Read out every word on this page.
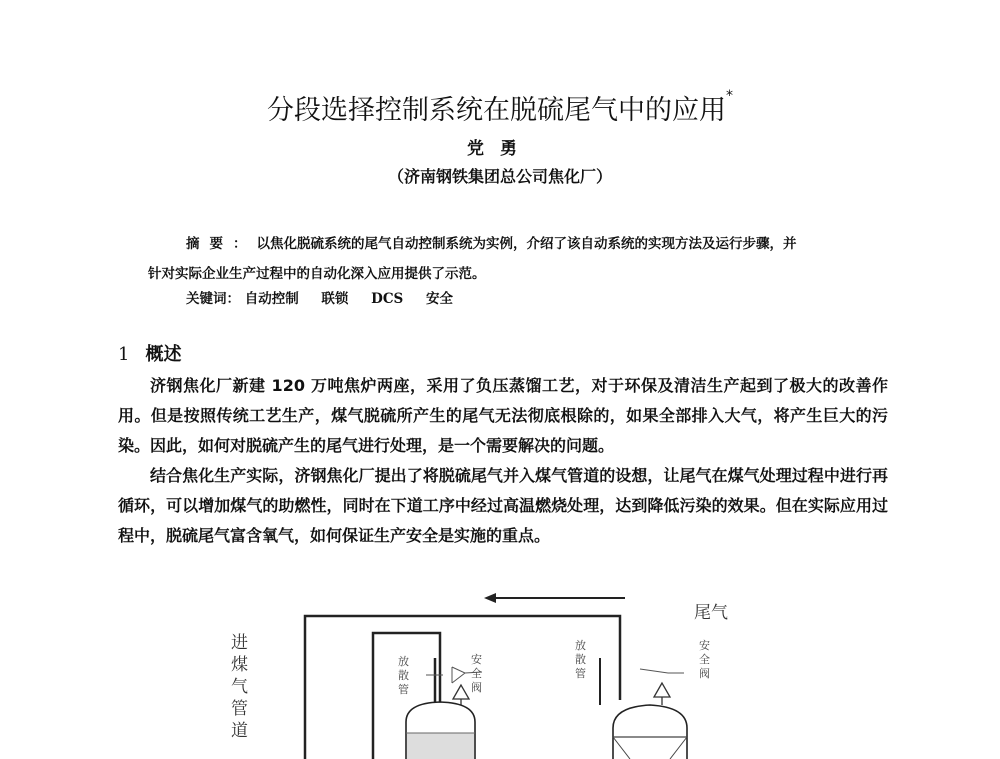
分段选择控制系统在脱硫尾气中的应用*
党勇
（济南钢铁集团总公司焦化厂）
摘要：以焦化脱硫系统的尾气自动控制系统为实例，介绍了该自动系统的实现方法及运行步骤，并
针对实际企业生产过程中的自动化深入应用提供了示范。
关键词： 自动控制 联锁 DCS 安全
1 概述
济钢焦化厂新建 120 万吨焦炉两座，采用了负压蒸馏工艺，对于环保及清洁生产起到了极大的改善作用。但是按照传统工艺生产，煤气脱硫所产生的尾气无法彻底根除的，如果全部排入大气，将产生巨大的污染。因此，如何对脱硫产生的尾气进行处理，是一个需要解决的问题。
结合焦化生产实际，济钢焦化厂提出了将脱硫尾气并入煤气管道的设想，让尾气在煤气处理过程中进行再循环，可以增加煤气的助燃性，同时在下道工序中经过高温燃烧处理，达到降低污染的效果。但在实际应用过程中，脱硫尾气富含氧气，如何保证生产安全是实施的重点。
进
煤
气
管
道
尾气
放
散
管
安
全
阀
放
散
管
安
全
阀
